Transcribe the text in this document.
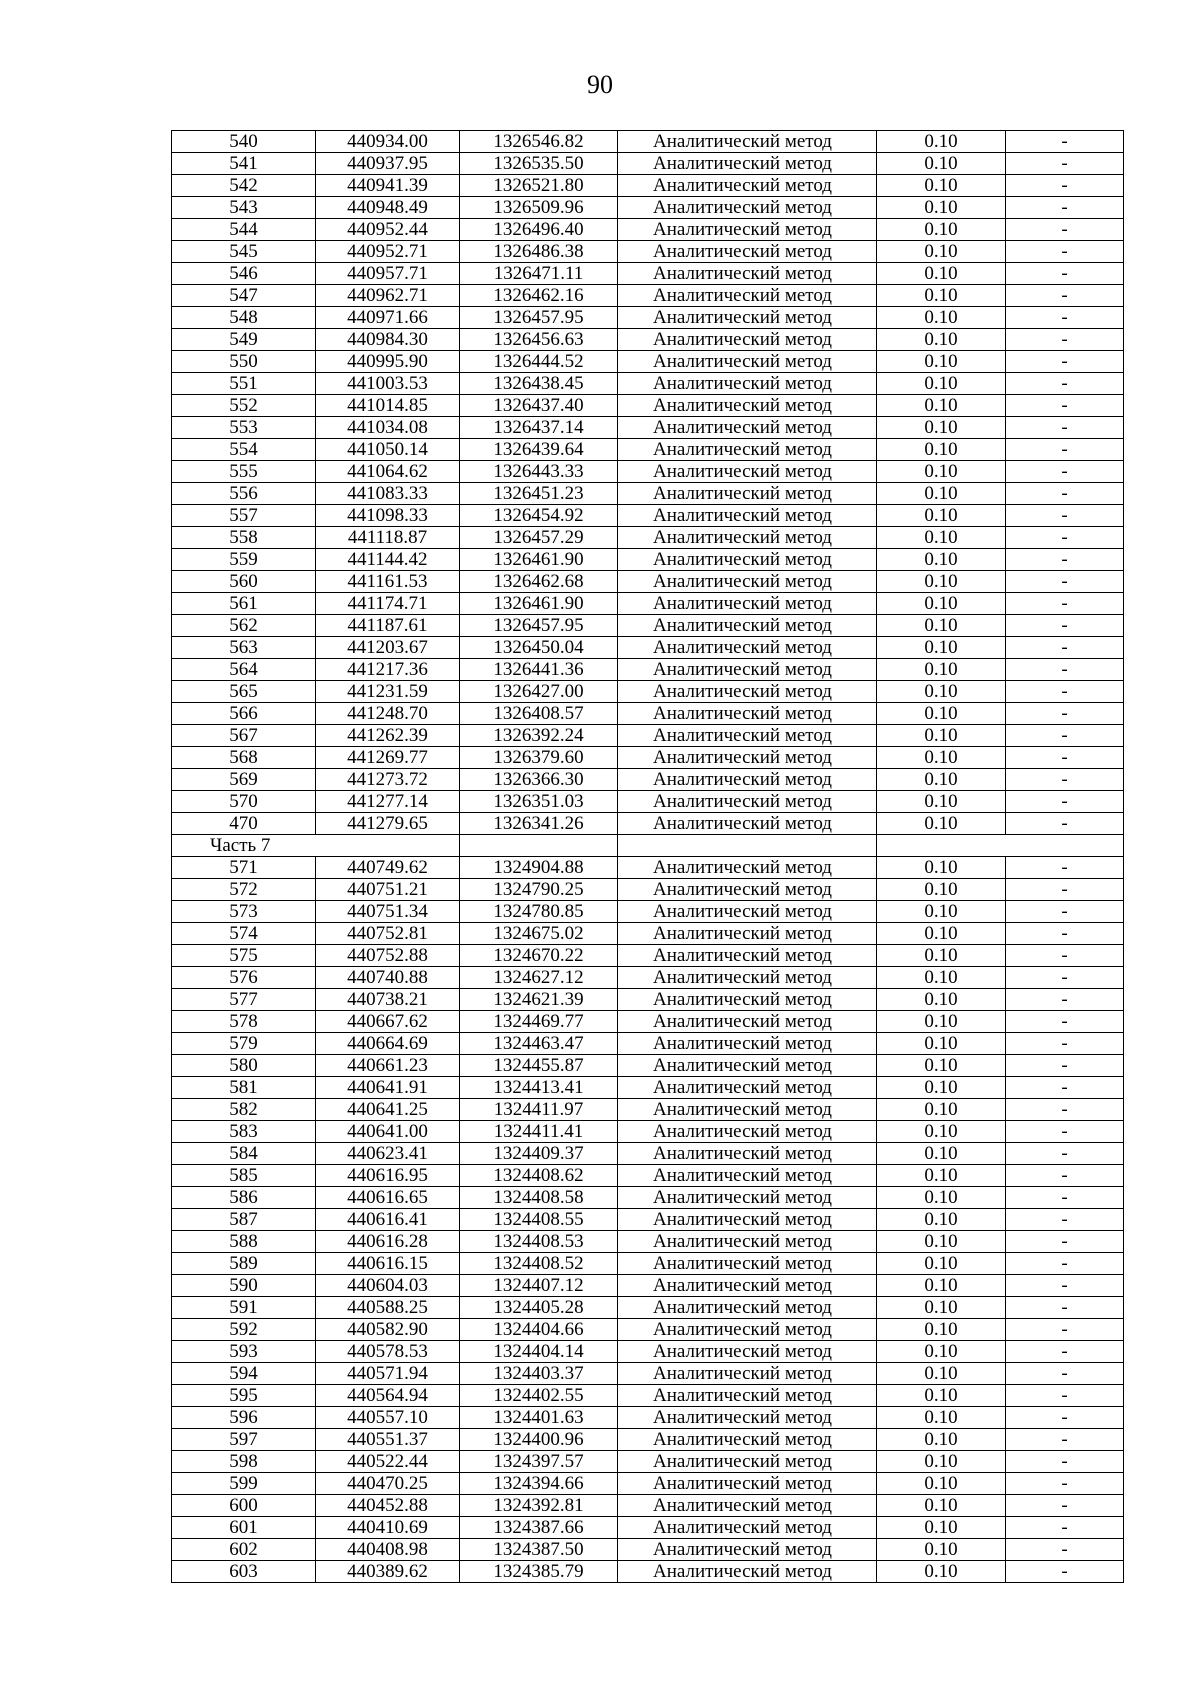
90
540	440934.00	1326546.82	Аналитический метод	0.10	-
541	440937.95	1326535.50	Аналитический метод	0.10	-
542	440941.39	1326521.80	Аналитический метод	0.10	-
543	440948.49	1326509.96	Аналитический метод	0.10	-
544	440952.44	1326496.40	Аналитический метод	0.10	-
545	440952.71	1326486.38	Аналитический метод	0.10	-
546	440957.71	1326471.11	Аналитический метод	0.10	-
547	440962.71	1326462.16	Аналитический метод	0.10	-
548	440971.66	1326457.95	Аналитический метод	0.10	-
549	440984.30	1326456.63	Аналитический метод	0.10	-
550	440995.90	1326444.52	Аналитический метод	0.10	-
551	441003.53	1326438.45	Аналитический метод	0.10	-
552	441014.85	1326437.40	Аналитический метод	0.10	-
553	441034.08	1326437.14	Аналитический метод	0.10	-
554	441050.14	1326439.64	Аналитический метод	0.10	-
555	441064.62	1326443.33	Аналитический метод	0.10	-
556	441083.33	1326451.23	Аналитический метод	0.10	-
557	441098.33	1326454.92	Аналитический метод	0.10	-
558	441118.87	1326457.29	Аналитический метод	0.10	-
559	441144.42	1326461.90	Аналитический метод	0.10	-
560	441161.53	1326462.68	Аналитический метод	0.10	-
561	441174.71	1326461.90	Аналитический метод	0.10	-
562	441187.61	1326457.95	Аналитический метод	0.10	-
563	441203.67	1326450.04	Аналитический метод	0.10	-
564	441217.36	1326441.36	Аналитический метод	0.10	-
565	441231.59	1326427.00	Аналитический метод	0.10	-
566	441248.70	1326408.57	Аналитический метод	0.10	-
567	441262.39	1326392.24	Аналитический метод	0.10	-
568	441269.77	1326379.60	Аналитический метод	0.10	-
569	441273.72	1326366.30	Аналитический метод	0.10	-
570	441277.14	1326351.03	Аналитический метод	0.10	-
470	441279.65	1326341.26	Аналитический метод	0.10	-
Часть 7					
571	440749.62	1324904.88	Аналитический метод	0.10	-
572	440751.21	1324790.25	Аналитический метод	0.10	-
573	440751.34	1324780.85	Аналитический метод	0.10	-
574	440752.81	1324675.02	Аналитический метод	0.10	-
575	440752.88	1324670.22	Аналитический метод	0.10	-
576	440740.88	1324627.12	Аналитический метод	0.10	-
577	440738.21	1324621.39	Аналитический метод	0.10	-
578	440667.62	1324469.77	Аналитический метод	0.10	-
579	440664.69	1324463.47	Аналитический метод	0.10	-
580	440661.23	1324455.87	Аналитический метод	0.10	-
581	440641.91	1324413.41	Аналитический метод	0.10	-
582	440641.25	1324411.97	Аналитический метод	0.10	-
583	440641.00	1324411.41	Аналитический метод	0.10	-
584	440623.41	1324409.37	Аналитический метод	0.10	-
585	440616.95	1324408.62	Аналитический метод	0.10	-
586	440616.65	1324408.58	Аналитический метод	0.10	-
587	440616.41	1324408.55	Аналитический метод	0.10	-
588	440616.28	1324408.53	Аналитический метод	0.10	-
589	440616.15	1324408.52	Аналитический метод	0.10	-
590	440604.03	1324407.12	Аналитический метод	0.10	-
591	440588.25	1324405.28	Аналитический метод	0.10	-
592	440582.90	1324404.66	Аналитический метод	0.10	-
593	440578.53	1324404.14	Аналитический метод	0.10	-
594	440571.94	1324403.37	Аналитический метод	0.10	-
595	440564.94	1324402.55	Аналитический метод	0.10	-
596	440557.10	1324401.63	Аналитический метод	0.10	-
597	440551.37	1324400.96	Аналитический метод	0.10	-
598	440522.44	1324397.57	Аналитический метод	0.10	-
599	440470.25	1324394.66	Аналитический метод	0.10	-
600	440452.88	1324392.81	Аналитический метод	0.10	-
601	440410.69	1324387.66	Аналитический метод	0.10	-
602	440408.98	1324387.50	Аналитический метод	0.10	-
603	440389.62	1324385.79	Аналитический метод	0.10	-
